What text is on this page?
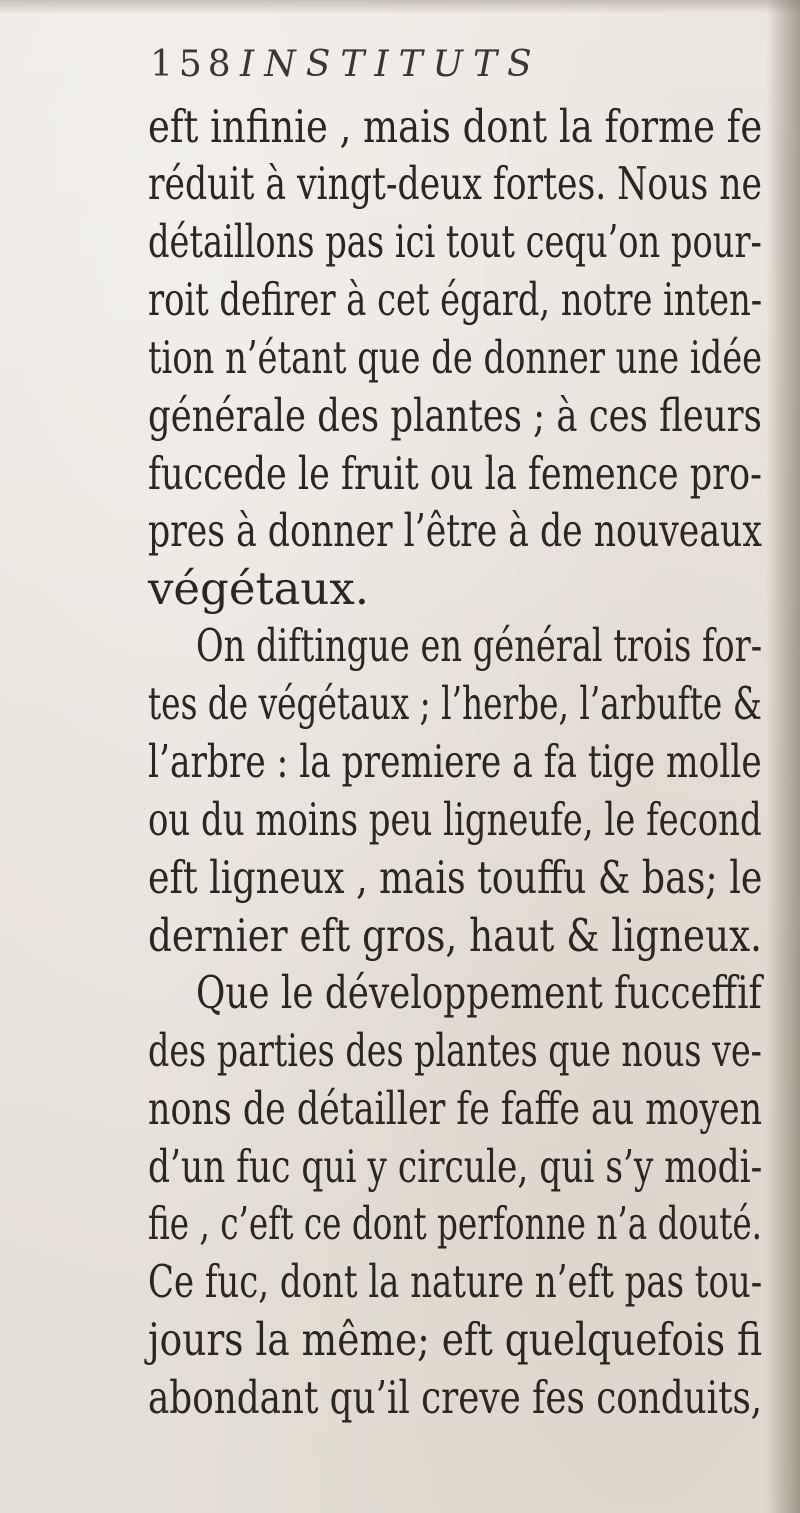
158INSTITUTS
eft infinie , mais dont la forme fe
réduit à vingt-deux fortes. Nous ne
détaillons pas ici tout cequ’on pour-
roit defirer à cet égard, notre inten-
tion n’étant que de donner une idée
générale des plantes ; à ces fleurs
fuccede le fruit ou la femence pro-
pres à donner l’être à de nouveaux
végétaux.
On diftingue en général trois for-
tes de végétaux ; l’herbe, l’arbufte &
l’arbre : la premiere a fa tige molle
ou du moins peu ligneufe, le fecond
eft ligneux , mais touffu & bas; le
dernier eft gros, haut & ligneux.
Que le développement fucceffif
des parties des plantes que nous ve-
nons de détailler fe faffe au moyen
d’un fuc qui y circule, qui s’y modi-
fie , c’eft ce dont perfonne n’a douté.
Ce fuc, dont la nature n’eft pas tou-
jours la même; eft quelquefois fi
abondant qu’il creve fes conduits,
